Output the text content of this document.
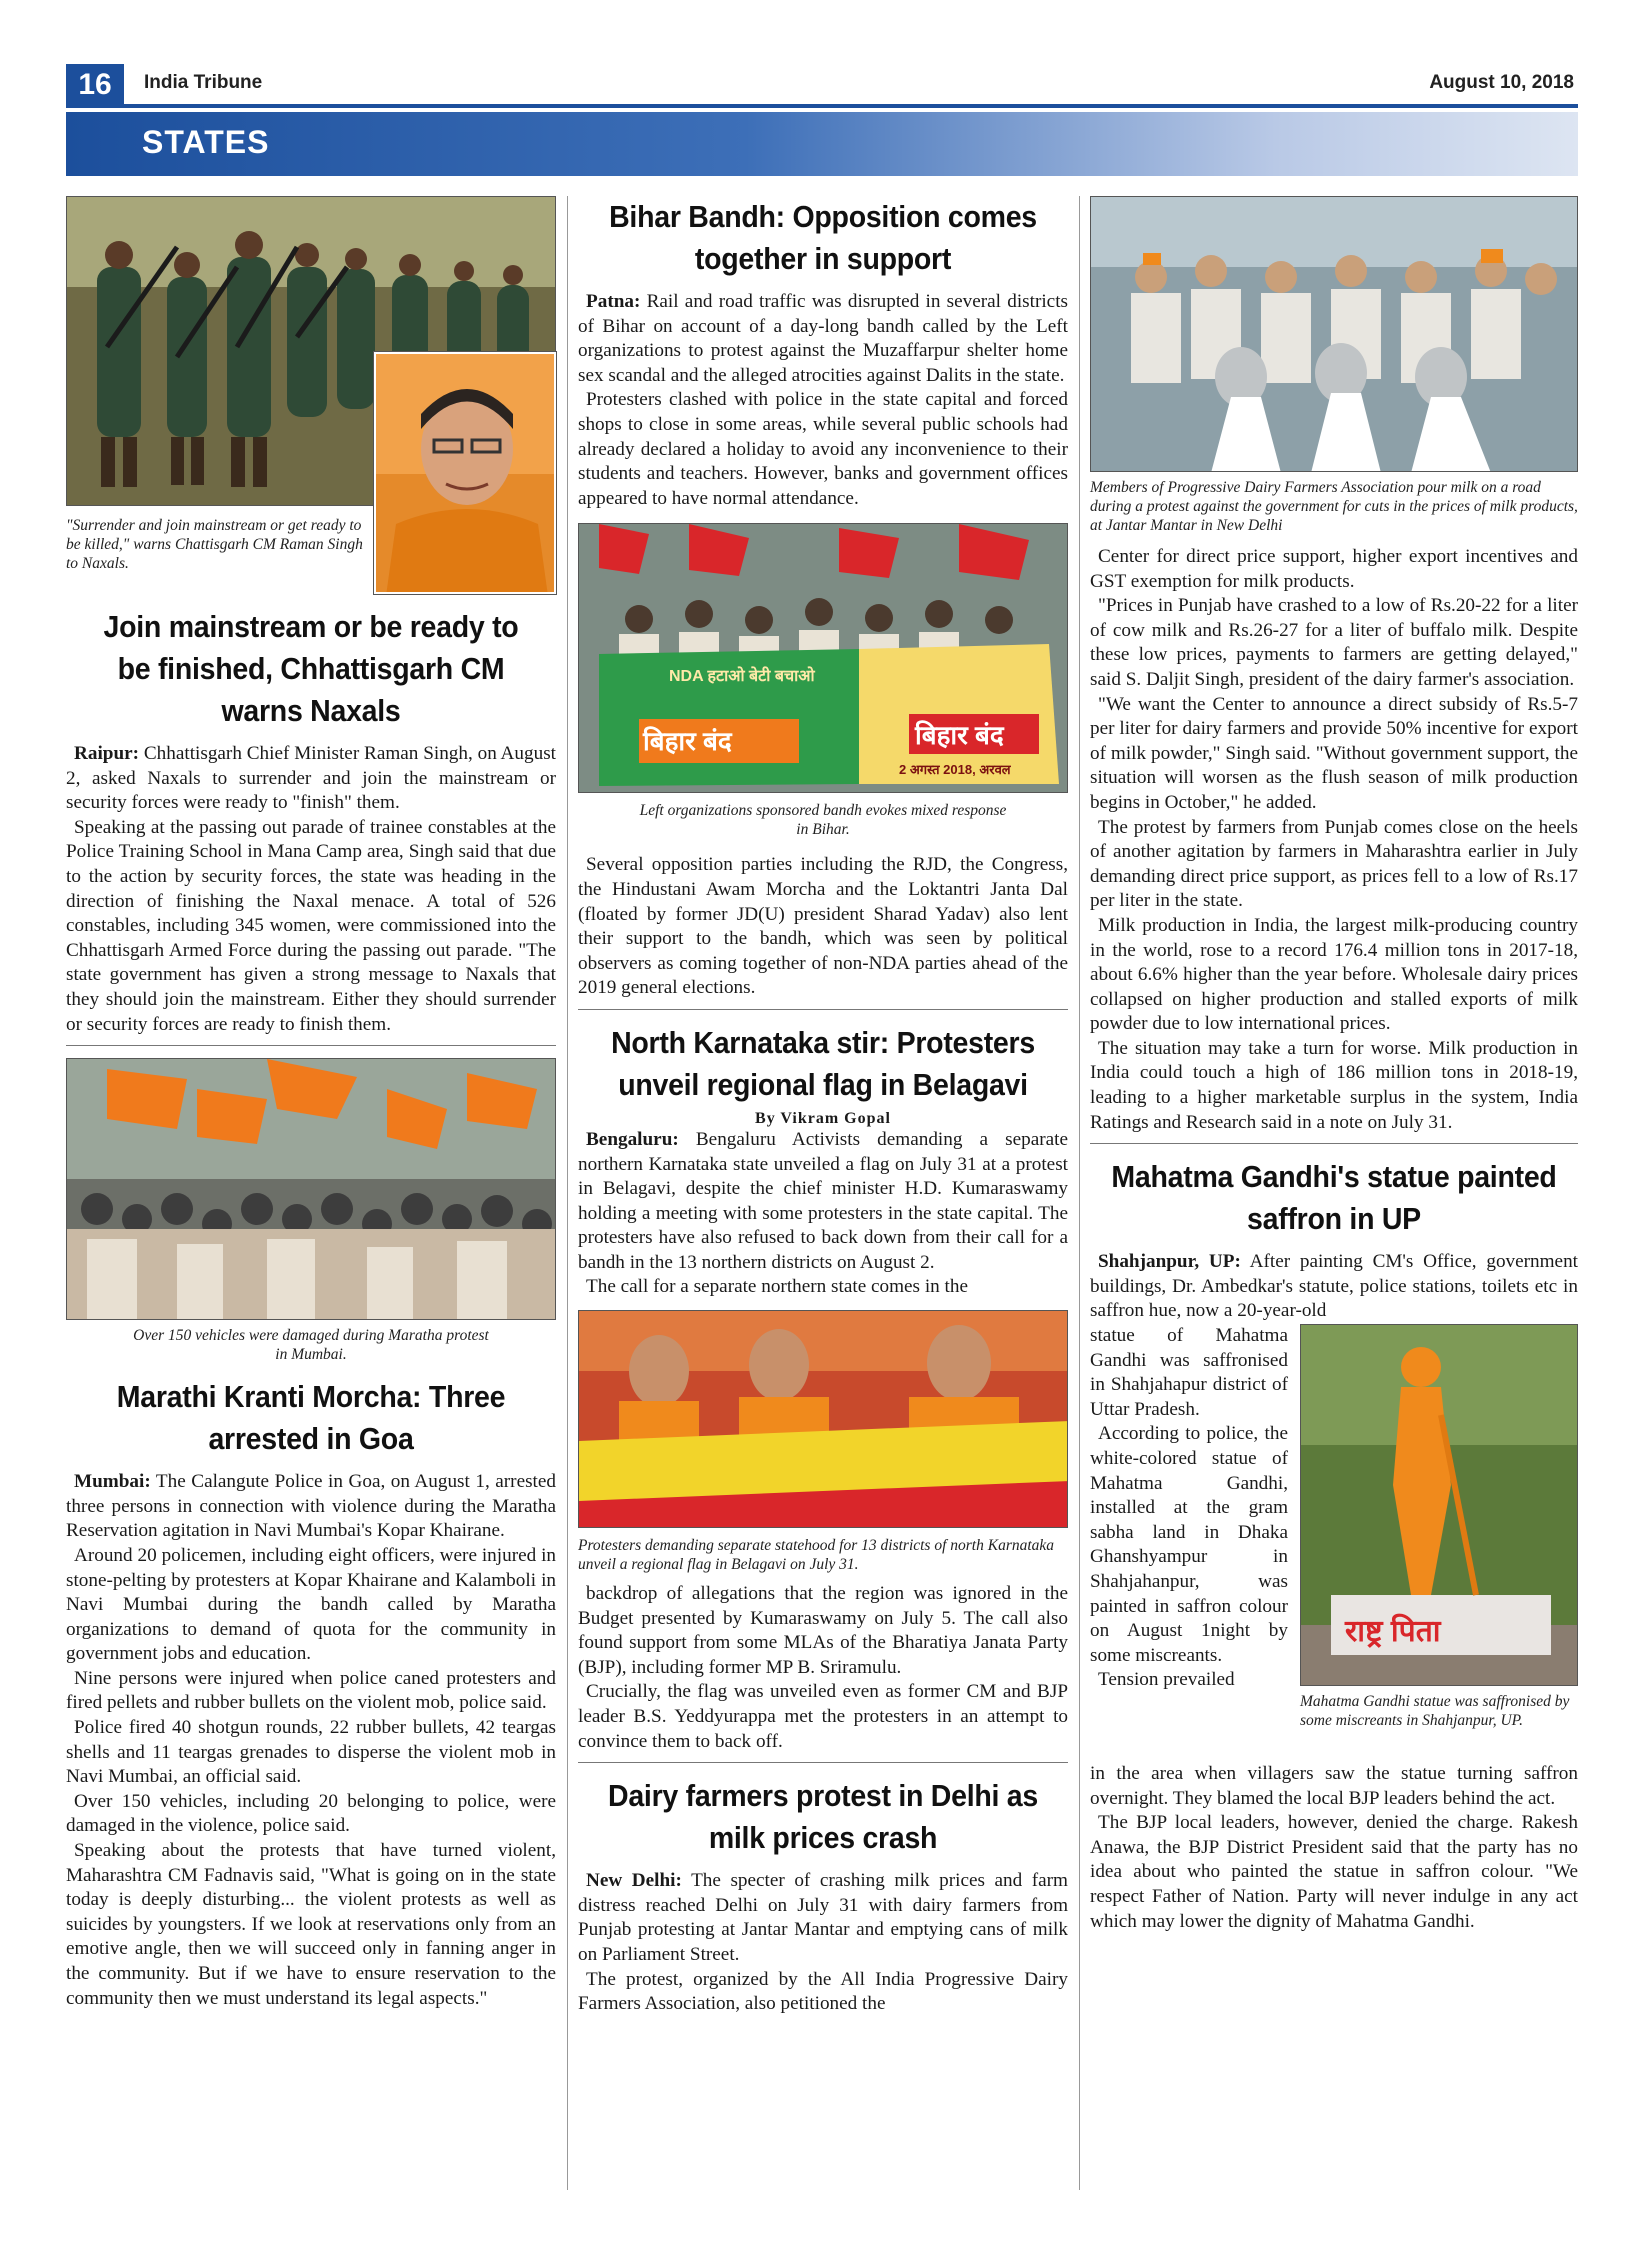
16	India Tribune	August 10, 2018
STATES
"Surrender and join mainstream or get ready to be killed," warns Chattisgarh CM Raman Singh to Naxals.
Join mainstream or be ready to be finished, Chhattisgarh CM warns Naxals

Raipur: Chhattisgarh Chief Minister Raman Singh, on August 2, asked Naxals to surrender and join the mainstream or security forces were ready to "finish" them.

Speaking at the passing out parade of trainee constables at the Police Training School in Mana Camp area, Singh said that due to the action by security forces, the state was heading in the direction of finishing the Naxal menace. A total of 526 constables, including 345 women, were commissioned into the Chhattisgarh Armed Force during the passing out parade. "The state government has given a strong message to Naxals that they should join the mainstream. Either they should surrender or security forces are ready to finish them.

Over 150 vehicles were damaged during Maratha protest in Mumbai.
Marathi Kranti Morcha: Three arrested in Goa

Mumbai: The Calangute Police in Goa, on August 1, arrested three persons in connection with violence during the Maratha Reservation agitation in Navi Mumbai's Kopar Khairane.

Around 20 policemen, including eight officers, were injured in stone-pelting by protesters at Kopar Khairane and Kalamboli in Navi Mumbai during the bandh called by Maratha organizations to demand of quota for the community in government jobs and education.

Nine persons were injured when police caned protesters and fired pellets and rubber bullets on the violent mob, police said.

Police fired 40 shotgun rounds, 22 rubber bullets, 42 teargas shells and 11 teargas grenades to disperse the violent mob in Navi Mumbai, an official said.

Over 150 vehicles, including 20 belonging to police, were damaged in the violence, police said.

Speaking about the protests that have turned violent, Maharashtra CM Fadnavis said, "What is going on in the state today is deeply disturbing... the violent protests as well as suicides by youngsters. If we look at reservations only from an emotive angle, then we will succeed only in fanning anger in the community. But if we have to ensure reservation to the community then we must understand its legal aspects."

Bihar Bandh: Opposition comes together in support

Patna: Rail and road traffic was disrupted in several districts of Bihar on account of a day-long bandh called by the Left organizations to protest against the Muzaffarpur shelter home sex scandal and the alleged atrocities against Dalits in the state.

Protesters clashed with police in the state capital and forced shops to close in some areas, while several public schools had already declared a holiday to avoid any inconvenience to their students and teachers. However, banks and government offices appeared to have normal attendance.

बिहार बंद	बिहार बंद
NDA हटाओ बेटी बचाओ
2 अगस्त 2018, अरवल
Left organizations sponsored bandh evokes mixed response in Bihar.

Several opposition parties including the RJD, the Congress, the Hindustani Awam Morcha and the Loktantri Janta Dal (floated by former JD(U) president Sharad Yadav) also lent their support to the bandh, which was seen by political observers as coming together of non-NDA parties ahead of the 2019 general elections.

North Karnataka stir: Protesters unveil regional flag in Belagavi
By Vikram Gopal

Bengaluru: Bengaluru Activists demanding a separate northern Karnataka state unveiled a flag on July 31 at a protest in Belagavi, despite the chief minister H.D. Kumaraswamy holding a meeting with some protesters in the state capital. The protesters have also refused to back down from their call for a bandh in the 13 northern districts on August 2.

The call for a separate northern state comes in the

Protesters demanding separate statehood for 13 districts of north Karnataka unveil a regional flag in Belagavi on July 31.

backdrop of allegations that the region was ignored in the Budget presented by Kumaraswamy on July 5. The call also found support from some MLAs of the Bharatiya Janata Party (BJP), including former MP B. Sriramulu.

Crucially, the flag was unveiled even as former CM and BJP leader B.S. Yeddyurappa met the protesters in an attempt to convince them to back off.

Dairy farmers protest in Delhi as milk prices crash

New Delhi: The specter of crashing milk prices and farm distress reached Delhi on July 31 with dairy farmers from Punjab protesting at Jantar Mantar and emptying cans of milk on Parliament Street.

The protest, organized by the All India Progressive Dairy Farmers Association, also petitioned the

Members of Progressive Dairy Farmers Association pour milk on a road during a protest against the government for cuts in the prices of milk products, at Jantar Mantar in New Delhi

Center for direct price support, higher export incentives and GST exemption for milk products.

"Prices in Punjab have crashed to a low of Rs.20-22 for a liter of cow milk and Rs.26-27 for a liter of buffalo milk. Despite these low prices, payments to farmers are getting delayed," said S. Daljit Singh, president of the dairy farmer's association.

"We want the Center to announce a direct subsidy of Rs.5-7 per liter for dairy farmers and provide 50% incentive for export of milk powder," Singh said. "Without government support, the situation will worsen as the flush season of milk production begins in October," he added.

The protest by farmers from Punjab comes close on the heels of another agitation by farmers in Maharashtra earlier in July demanding direct price support, as prices fell to a low of Rs.17 per liter in the state.

Milk production in India, the largest milk-producing country in the world, rose to a record 176.4 million tons in 2017-18, about 6.6% higher than the year before. Wholesale dairy prices collapsed on higher production and stalled exports of milk powder due to low international prices.

The situation may take a turn for worse. Milk production in India could touch a high of 186 million tons in 2018-19, leading to a higher marketable surplus in the system, India Ratings and Research said in a note on July 31.

Mahatma Gandhi's statue painted saffron in UP

Shahjanpur, UP: After painting CM's Office, government buildings, Dr. Ambedkar's statute, police stations, toilets etc in saffron hue, now a 20-year-old

statue of Mahatma Gandhi was saffronised in Shahjahapur district of Uttar Pradesh.

According to police, the white-colored statue of Mahatma Gandhi, installed at the gram sabha land in Dhaka Ghanshyampur in Shahjahanpur, was painted in saffron colour on August 1night by some miscreants.

Tension prevailed

राष्ट्र पिता
Mahatma Gandhi statue was saffronised by some miscreants in Shahjanpur, UP.

in the area when villagers saw the statue turning saffron overnight. They blamed the local BJP leaders behind the act.

The BJP local leaders, however, denied the charge. Rakesh Anawa, the BJP District President said that the party has no idea about who painted the statue in saffron colour. "We respect Father of Nation. Party will never indulge in any act which may lower the dignity of Mahatma Gandhi.
